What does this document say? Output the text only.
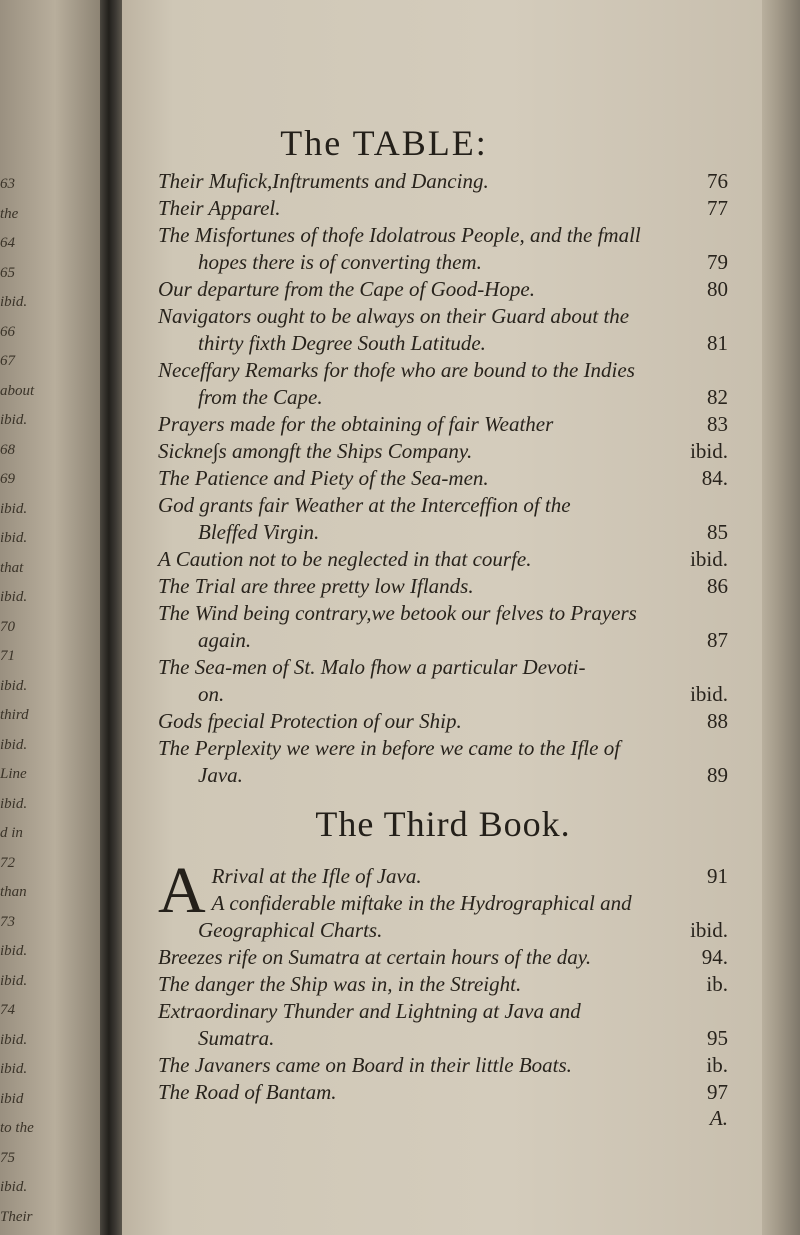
63
the
64
65
ibid.
66
67
about
ibid.
68
69
ibid.
ibid.
that
ibid.
70
71
ibid.
third
ibid.
Line
ibid.
d in
72
than
73
ibid.
ibid.
74
ibid.
ibid.
ibid
to the
75
ibid.
Their
The TABLE:
Their Mufick,Inftruments and Dancing.	76
Their Apparel.	77
The Misfortunes of thofe Idolatrous People, and the fmall
hopes there is of converting them.	79
Our departure from the Cape of Good-Hope.	80
Navigators ought to be always on their Guard about the
thirty fixth Degree South Latitude.	81
Neceffary Remarks for thofe who are bound to the Indies
from the Cape.	82
Prayers made for the obtaining of fair Weather	83
Sickne∫s amongft the Ships Company.	ibid.
The Patience and Piety of the Sea-men.	84.
God grants fair Weather at the Interceffion of the
Bleffed Virgin.	85
A Caution not to be neglected in that courfe.	ibid.
The Trial are three pretty low Iflands.	86
The Wind being contrary,we betook our felves to Prayers
again.	87
The Sea-men of St. Malo fhow a particular Devoti-
on.	ibid.
Gods fpecial Protection of our Ship.	88
The Perplexity we were in before we came to the Ifle of
Java.	89
The Third Book.
A Rrival at the Ifle of Java.	91
A confiderable miftake in the Hydrographical and
Geographical Charts.	ibid.
Breezes rife on Sumatra at certain hours of the day.	94.
The danger the Ship was in, in the Streight.	ib.
Extraordinary Thunder and Lightning at Java and
Sumatra.	95
The Javaners came on Board in their little Boats.	ib.
The Road of Bantam.	97
A.
